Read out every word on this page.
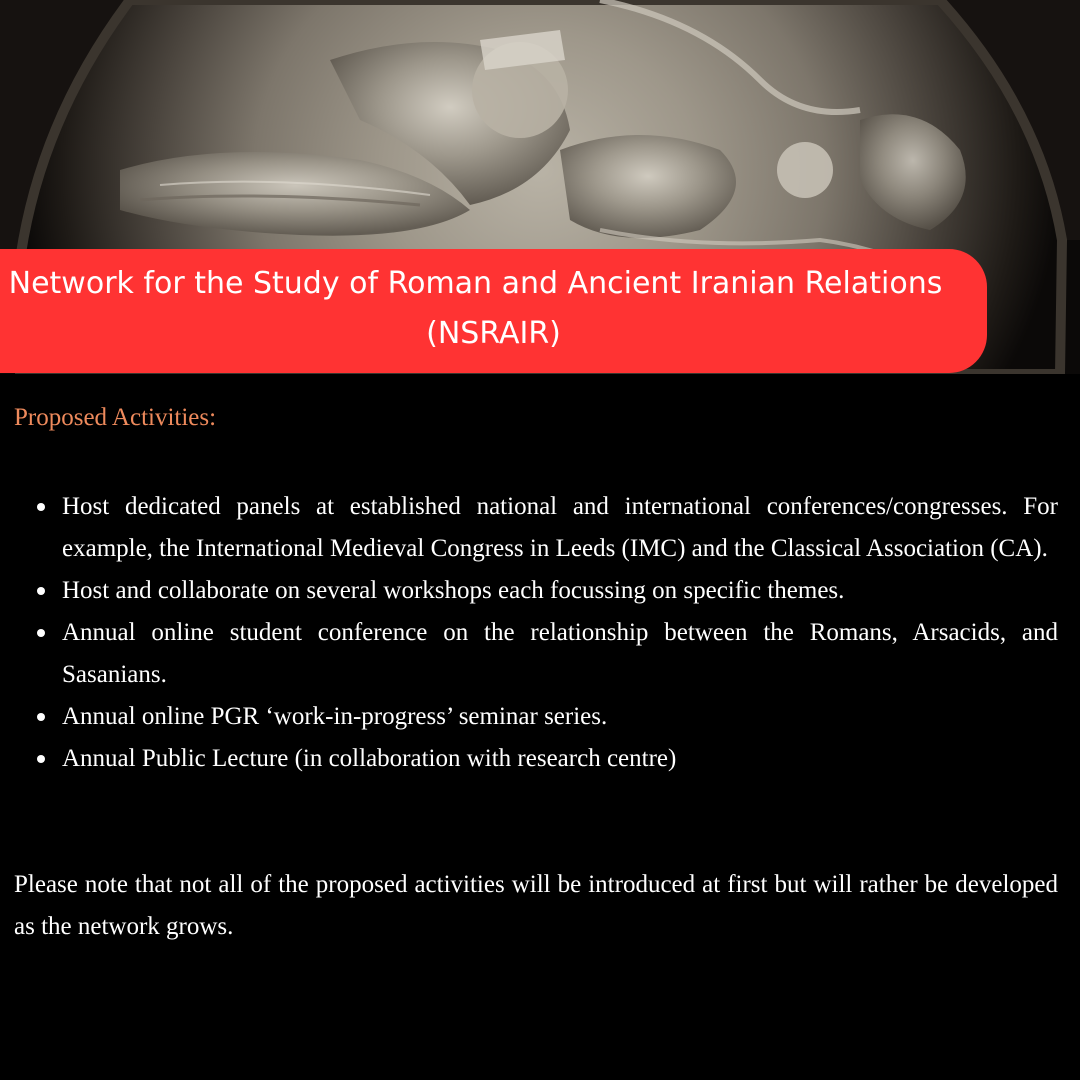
Network for the Study of Roman and Ancient Iranian Relations
(NSRAIR)
Proposed Activities:
Host dedicated panels at established national and international conferences/congresses. For example, the International Medieval Congress in Leeds (IMC) and the Classical Association (CA).
Host and collaborate on several workshops each focussing on specific themes.
Annual online student conference on the relationship between the Romans, Arsacids, and Sasanians.
Annual online PGR ‘work-in-progress’ seminar series.
Annual Public Lecture (in collaboration with research centre)

Please note that not all of the proposed activities will be introduced at first but will rather be developed as the network grows.
